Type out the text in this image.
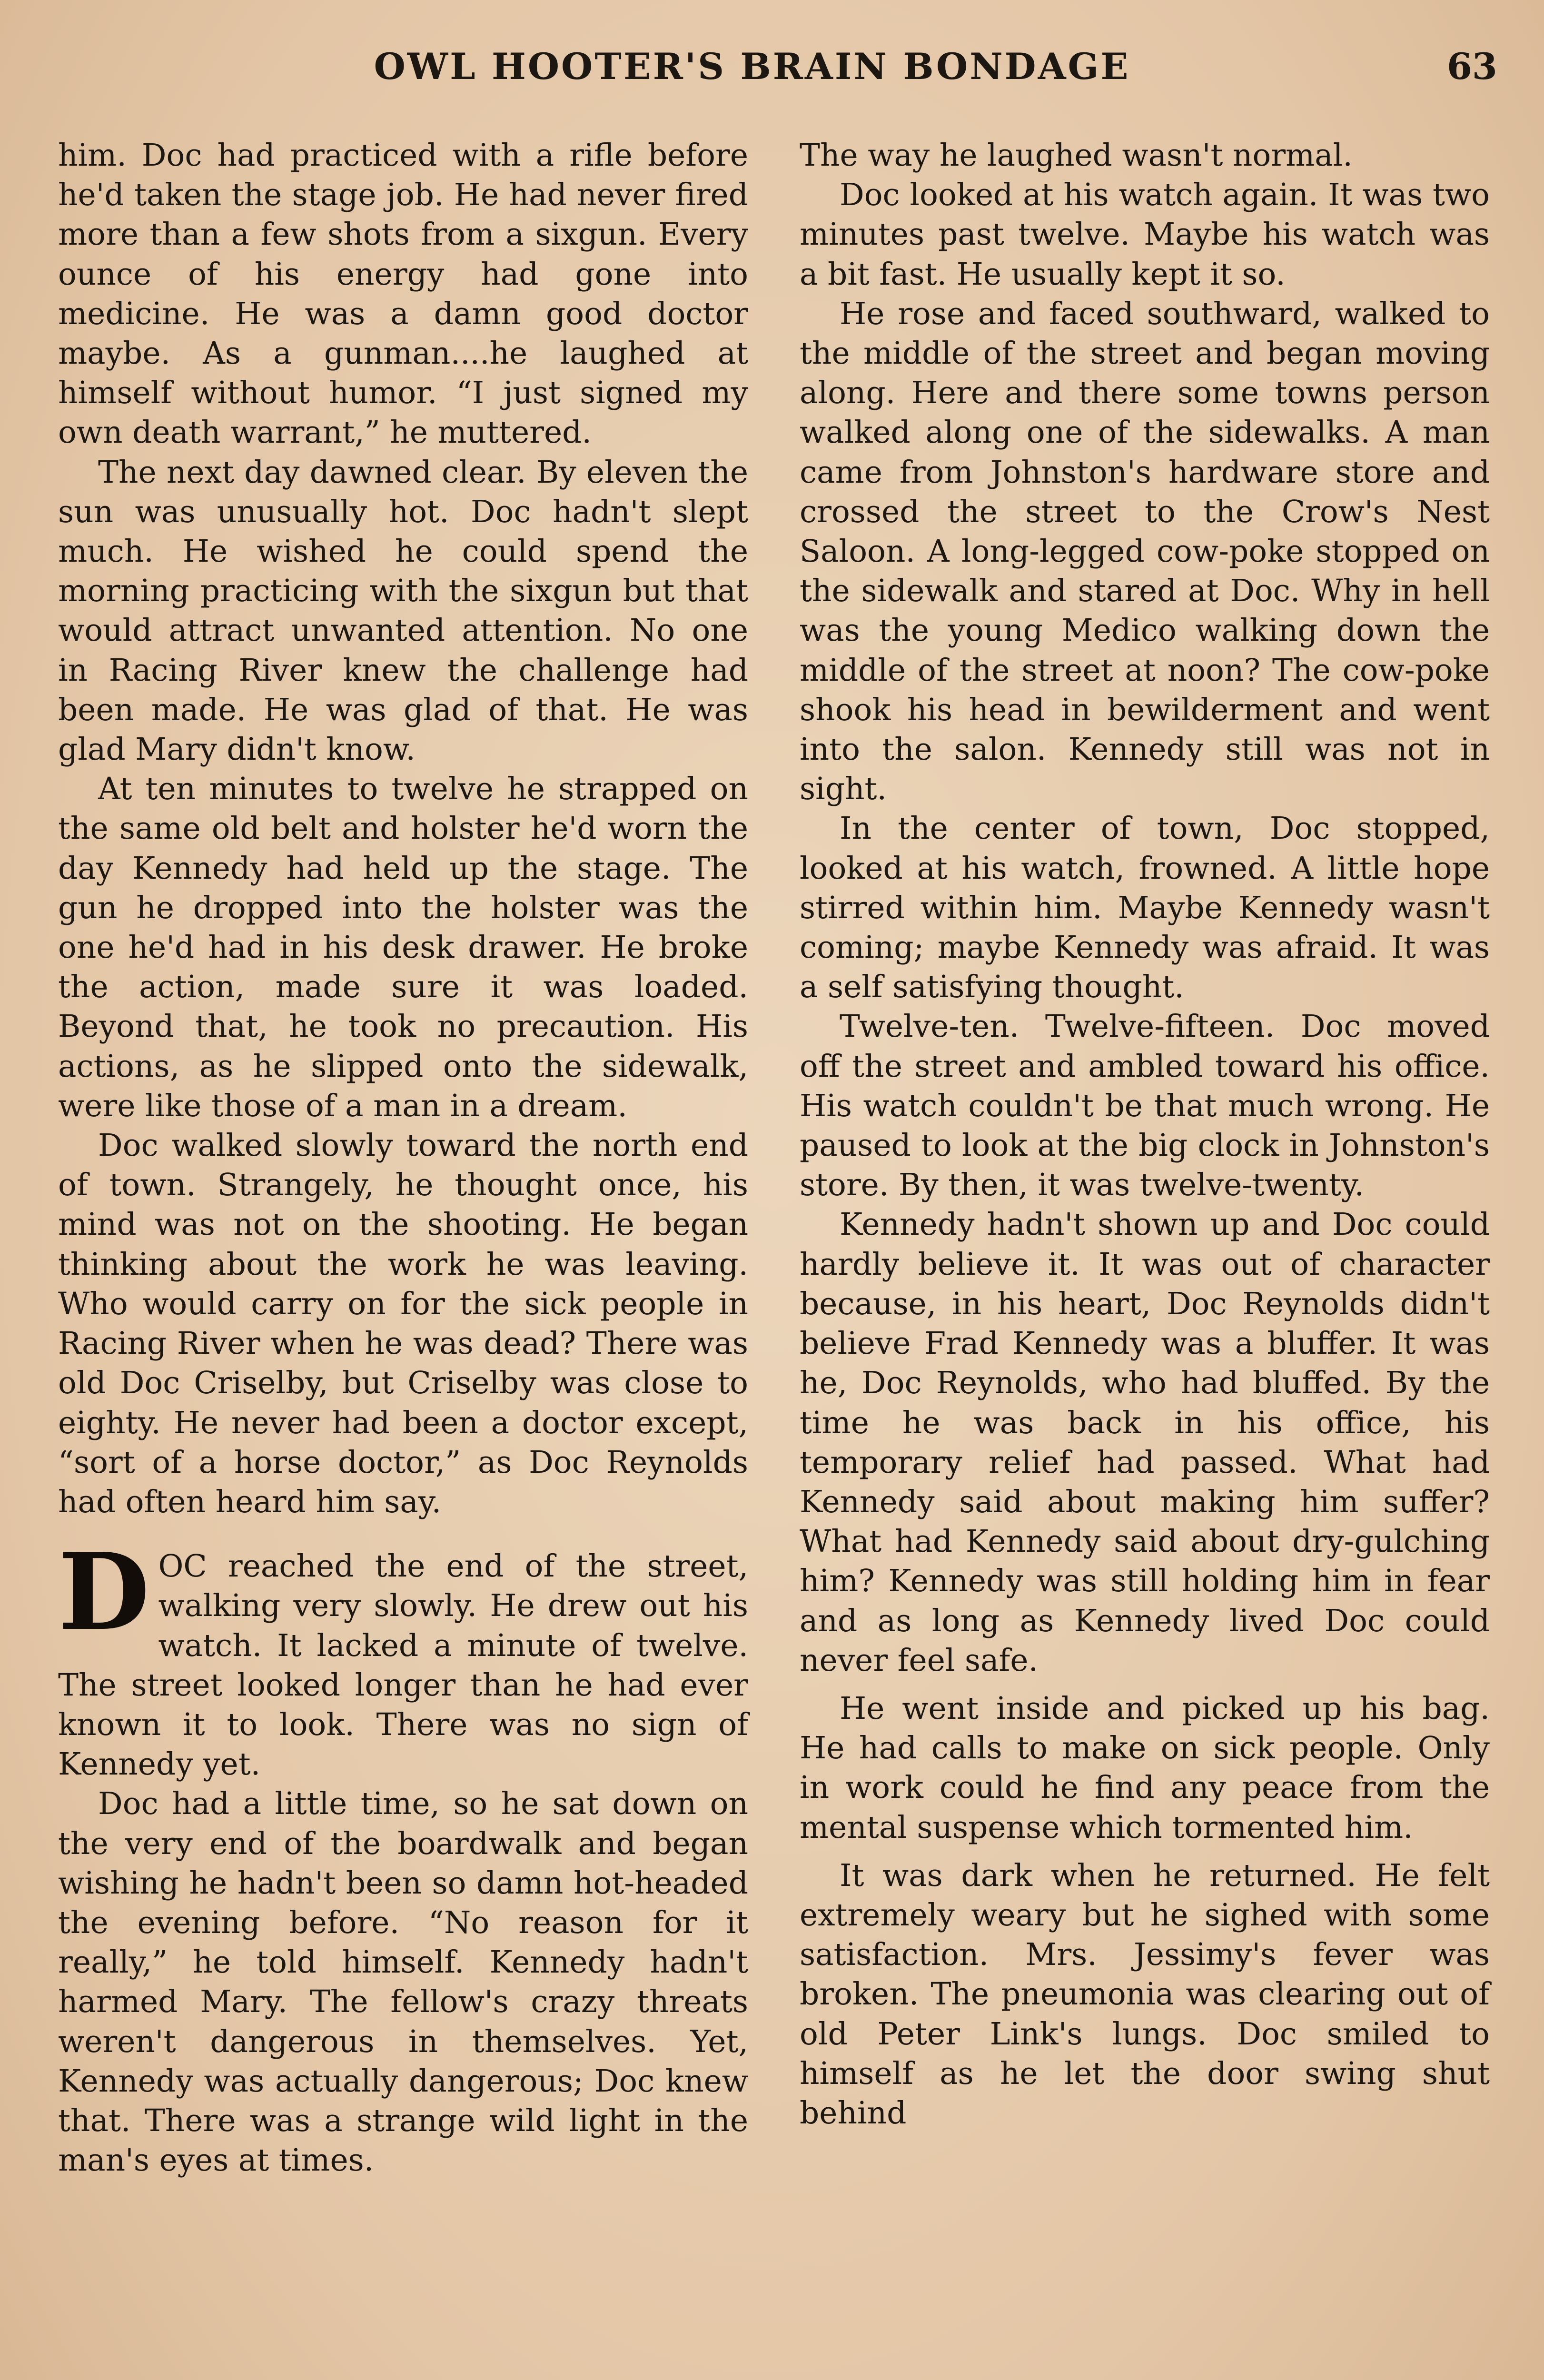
OWL HOOTER'S BRAIN BONDAGE	63

him. Doc had practiced with a rifle before he'd taken the stage job. He had never fired more than a few shots from a sixgun. Every ounce of his energy had gone into medicine. He was a damn good doctor maybe. As a gunman....he laughed at himself without humor. “I just signed my own death warrant,” he muttered.

The next day dawned clear. By eleven the sun was unusually hot. Doc hadn't slept much. He wished he could spend the morning practicing with the sixgun but that would attract unwanted attention. No one in Racing River knew the challenge had been made. He was glad of that. He was glad Mary didn't know.

At ten minutes to twelve he strapped on the same old belt and holster he'd worn the day Kennedy had held up the stage. The gun he dropped into the holster was the one he'd had in his desk drawer. He broke the action, made sure it was loaded. Beyond that, he took no precaution. His actions, as he slipped onto the sidewalk, were like those of a man in a dream.

Doc walked slowly toward the north end of town. Strangely, he thought once, his mind was not on the shooting. He began thinking about the work he was leaving. Who would carry on for the sick people in Racing River when he was dead? There was old Doc Criselby, but Criselby was close to eighty. He never had been a doctor except, “sort of a horse doctor,” as Doc Reynolds had often heard him say.

DOC reached the end of the street, walking very slowly. He drew out his watch. It lacked a minute of twelve. The street looked longer than he had ever known it to look. There was no sign of Kennedy yet.

Doc had a little time, so he sat down on the very end of the boardwalk and began wishing he hadn't been so damn hot-headed the evening before. “No reason for it really,” he told himself. Kennedy hadn't harmed Mary. The fellow's crazy threats weren't dangerous in themselves. Yet, Kennedy was actually dangerous; Doc knew that. There was a strange wild light in the man's eyes at times.

The way he laughed wasn't normal.

Doc looked at his watch again. It was two minutes past twelve. Maybe his watch was a bit fast. He usually kept it so.

He rose and faced southward, walked to the middle of the street and began moving along. Here and there some towns person walked along one of the sidewalks. A man came from Johnston's hardware store and crossed the street to the Crow's Nest Saloon. A long-legged cow-poke stopped on the sidewalk and stared at Doc. Why in hell was the young Medico walking down the middle of the street at noon? The cow-poke shook his head in bewilderment and went into the salon. Kennedy still was not in sight.

In the center of town, Doc stopped, looked at his watch, frowned. A little hope stirred within him. Maybe Kennedy wasn't coming; maybe Kennedy was afraid. It was a self satisfying thought.

Twelve-ten. Twelve-fifteen. Doc moved off the street and ambled toward his office. His watch couldn't be that much wrong. He paused to look at the big clock in Johnston's store. By then, it was twelve-twenty.

Kennedy hadn't shown up and Doc could hardly believe it. It was out of character because, in his heart, Doc Reynolds didn't believe Frad Kennedy was a bluffer. It was he, Doc Reynolds, who had bluffed. By the time he was back in his office, his temporary relief had passed. What had Kennedy said about making him suffer? What had Kennedy said about dry-gulching him? Kennedy was still holding him in fear and as long as Kennedy lived Doc could never feel safe.

He went inside and picked up his bag. He had calls to make on sick people. Only in work could he find any peace from the mental suspense which tormented him.

It was dark when he returned. He felt extremely weary but he sighed with some satisfaction. Mrs. Jessimy's fever was broken. The pneumonia was clearing out of old Peter Link's lungs. Doc smiled to himself as he let the door swing shut behind
